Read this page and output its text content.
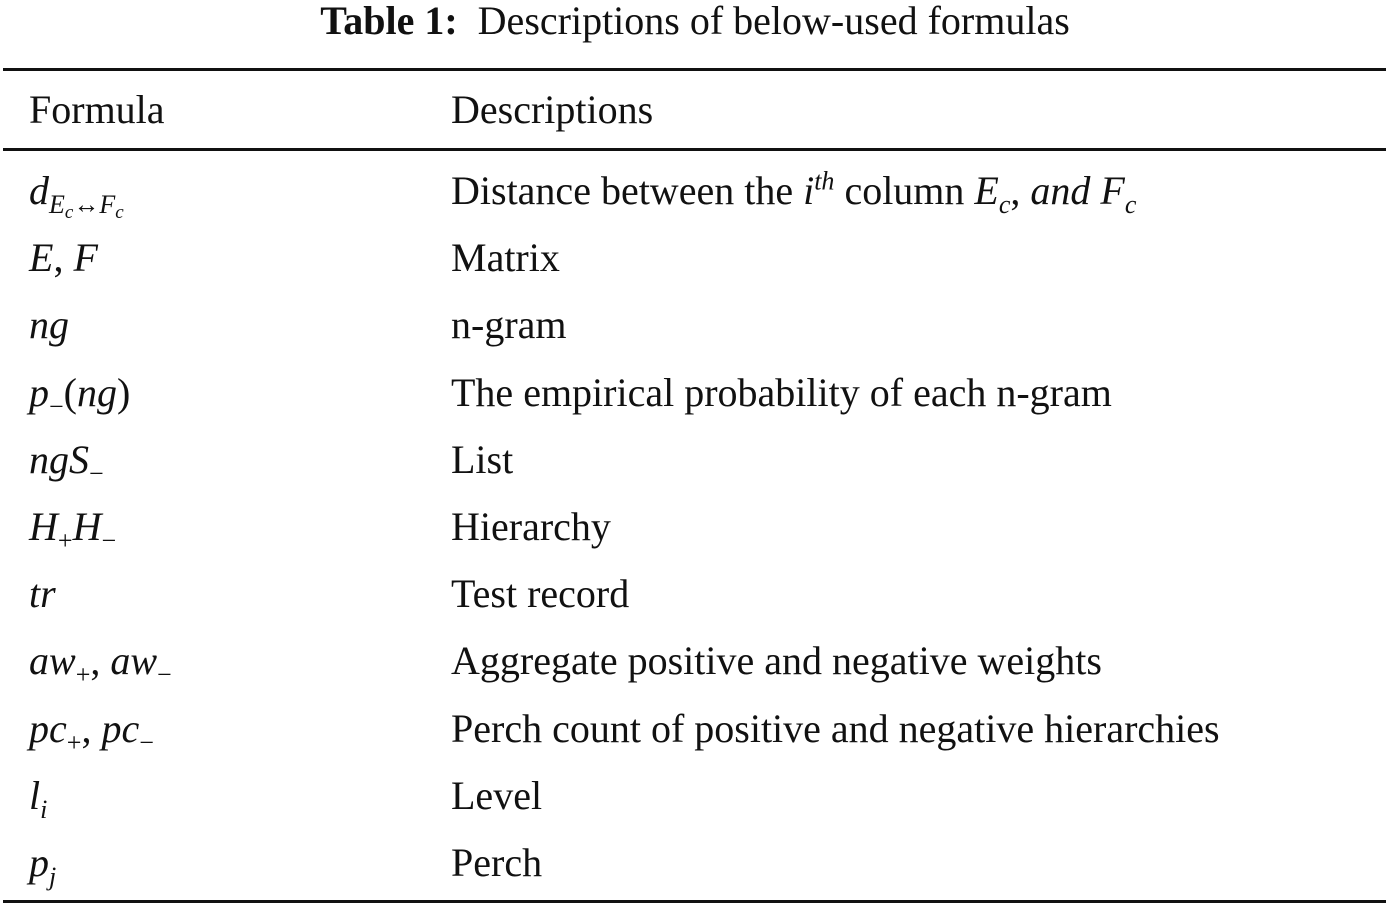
Table 1: Descriptions of below-used formulas
Formula	Descriptions
$d_{E_c\leftrightarrow F_c}$	Distance between the $i^{th}$ column $E_c$, and $F_c$
E, F	Matrix
ng	n-gram
$p_-(ng)$	The empirical probability of each n-gram
ngS$_-$	List
$H_+H_-$	Hierarchy
tr	Test record
$aw_+$, $aw_-$	Aggregate positive and negative weights
$pc_+$, $pc_-$	Perch count of positive and negative hierarchies
$l_i$	Level
$p_j$	Perch
